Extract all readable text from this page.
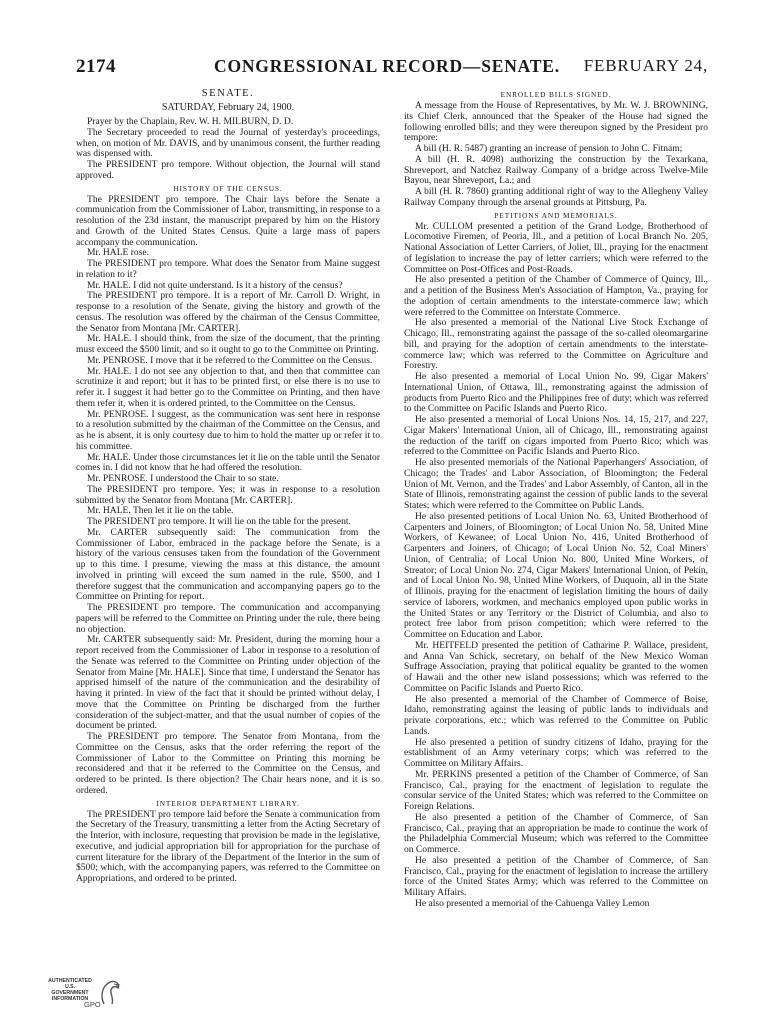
2174	CONGRESSIONAL RECORD—SENATE. FEBRUARY 24,
SENATE.
SATURDAY, February 24, 1900.

Prayer by the Chaplain, Rev. W. H. MILBURN, D. D.

The Secretary proceeded to read the Journal of yesterday's proceedings, when, on motion of Mr. DAVIS, and by unanimous consent, the further reading was dispensed with.

The PRESIDENT pro tempore. Without objection, the Journal will stand approved.

HISTORY OF THE CENSUS.

The PRESIDENT pro tempore. The Chair lays before the Senate a communication from the Commissioner of Labor, transmitting, in response to a resolution of the 23d instant, the manuscript prepared by him on the History and Growth of the United States Census. Quite a large mass of papers accompany the communication.

Mr. HALE rose.

The PRESIDENT pro tempore. What does the Senator from Maine suggest in relation to it?

Mr. HALE. I did not quite understand. Is it a history of the census?

The PRESIDENT pro tempore. It is a report of Mr. Carroll D. Wright, in response to a resolution of the Senate, giving the history and growth of the census. The resolution was offered by the chairman of the Census Committee, the Senator from Montana [Mr. CARTER].

Mr. HALE. I should think, from the size of the document, that the printing must exceed the $500 limit, and so it ought to go to the Committee on Printing.

Mr. PENROSE. I move that it be referred to the Committee on the Census.

Mr. HALE. I do not see any objection to that, and then that committee can scrutinize it and report; but it has to be printed first, or else there is no use to refer it. I suggest it had better go to the Committee on Printing, and then have them refer it, when it is ordered printed, to the Committee on the Census.

Mr. PENROSE. I suggest, as the communication was sent here in response to a resolution submitted by the chairman of the Committee on the Census, and as he is absent, it is only courtesy due to him to hold the matter up or refer it to his committee.

Mr. HALE. Under those circumstances let it lie on the table until the Senator comes in. I did not know that he had offered the resolution.

Mr. PENROSE. I understood the Chair to so state.

The PRESIDENT pro tempore. Yes; it was in response to a resolution submitted by the Senator from Montana [Mr. CARTER].

Mr. HALE. Then let it lie on the table.

The PRESIDENT pro tempore. It will lie on the table for the present.

Mr. CARTER subsequently said: The communication from the Commissioner of Labor, embraced in the package before the Senate, is a history of the various censuses taken from the foundation of the Government up to this time. I presume, viewing the mass at this distance, the amount involved in printing will exceed the sum named in the rule, $500, and I therefore suggest that the communication and accompanying papers go to the Committee on Printing for report.

The PRESIDENT pro tempore. The communication and accompanying papers will be referred to the Committee on Printing under the rule, there being no objection.

Mr. CARTER subsequently said: Mr. President, during the morning hour a report received from the Commissioner of Labor in response to a resolution of the Senate was referred to the Committee on Printing under objection of the Senator from Maine [Mr. HALE]. Since that time, I understand the Senator has apprised himself of the nature of the communication and the desirability of having it printed. In view of the fact that it should be printed without delay, I move that the Committee on Printing be discharged from the further consideration of the subject-matter, and that the usual number of copies of the document be printed.

The PRESIDENT pro tempore. The Senator from Montana, from the Committee on the Census, asks that the order referring the report of the Commissioner of Labor to the Committee on Printing this morning be reconsidered and that it be referred to the Committee on the Census, and ordered to be printed. Is there objection? The Chair hears none, and it is so ordered.

INTERIOR DEPARTMENT LIBRARY.

The PRESIDENT pro tempore laid before the Senate a communication from the Secretary of the Treasury, transmitting a letter from the Acting Secretary of the Interior, with inclosure, requesting that provision be made in the legislative, executive, and judicial appropriation bill for appropriation for the purchase of current literature for the library of the Department of the Interior in the sum of $500; which, with the accompanying papers, was referred to the Committee on Appropriations, and ordered to be printed.

ENROLLED BILLS SIGNED.

A message from the House of Representatives, by Mr. W. J. BROWNING, its Chief Clerk, announced that the Speaker of the House had signed the following enrolled bills; and they were thereupon signed by the President pro tempore:

A bill (H. R. 5487) granting an increase of pension to John C. Fitnam;

A bill (H. R. 4098) authorizing the construction by the Texarkana, Shreveport, and Natchez Railway Company of a bridge across Twelve-Mile Bayou, near Shreveport, La.; and

A bill (H. R. 7860) granting additional right of way to the Allegheny Valley Railway Company through the arsenal grounds at Pittsburg, Pa.

PETITIONS AND MEMORIALS.

Mr. CULLOM presented a petition of the Grand Lodge, Brotherhood of Locomotive Firemen, of Peoria, Ill., and a petition of Local Branch No. 205, National Association of Letter Carriers, of Joliet, Ill., praying for the enactment of legislation to increase the pay of letter carriers; which were referred to the Committee on Post-Offices and Post-Roads.

He also presented a petition of the Chamber of Commerce of Quincy, Ill., and a petition of the Business Men's Association of Hampton, Va., praying for the adoption of certain amendments to the interstate-commerce law; which were referred to the Committee on Interstate Commerce.

He also presented a memorial of the National Live Stock Exchange of Chicago, Ill., remonstrating against the passage of the so-called oleomargarine bill, and praying for the adoption of certain amendments to the interstate-commerce law; which was referred to the Committee on Agriculture and Forestry.

He also presented a memorial of Local Union No. 99, Cigar Makers' International Union, of Ottawa, Ill., remonstrating against the admission of products from Puerto Rico and the Philippines free of duty; which was referred to the Committee on Pacific Islands and Puerto Rico.

He also presented a memorial of Local Unions Nos. 14, 15, 217, and 227, Cigar Makers' International Union, all of Chicago, Ill., remonstrating against the reduction of the tariff on cigars imported from Puerto Rico; which was referred to the Committee on Pacific Islands and Puerto Rico.

He also presented memorials of the National Paperhangers' Association, of Chicago; the Trades' and Labor Association, of Bloomington; the Federal Union of Mt. Vernon, and the Trades' and Labor Assembly, of Canton, all in the State of Illinois, remonstrating against the cession of public lands to the several States; which were referred to the Committee on Public Lands.

He also presented petitions of Local Union No. 63, United Brotherhood of Carpenters and Joiners, of Bloomington; of Local Union No. 58, United Mine Workers, of Kewanee; of Local Union No. 416, United Brotherhood of Carpenters and Joiners, of Chicago; of Local Union No. 52, Coal Miners' Union, of Centralia; of Local Union No. 800, United Mine Workers, of Streator; of Local Union No. 274, Cigar Makers' International Union, of Pekin, and of Local Union No. 98, United Mine Workers, of Duquoin, all in the State of Illinois, praying for the enactment of legislation limiting the hours of daily service of laborers, workmen, and mechanics employed upon public works in the United States or any Territory or the District of Columbia, and also to protect free labor from prison competition; which were referred to the Committee on Education and Labor.

Mr. HEITFELD presented the petition of Catharine P. Wallace, president, and Anna Van Schick, secretary, on behalf of the New Mexico Woman Suffrage Association, praying that political equality be granted to the women of Hawaii and the other new island possessions; which was referred to the Committee on Pacific Islands and Puerto Rico.

He also presented a memorial of the Chamber of Commerce of Boise, Idaho, remonstrating against the leasing of public lands to individuals and private corporations, etc.; which was referred to the Committee on Public Lands.

He also presented a petition of sundry citizens of Idaho, praying for the establishment of an Army veterinary corps; which was referred to the Committee on Military Affairs.

Mr. PERKINS presented a petition of the Chamber of Commerce, of San Francisco, Cal., praying for the enactment of legislation to regulate the consular service of the United States; which was referred to the Committee on Foreign Relations.

He also presented a petition of the Chamber of Commerce, of San Francisco, Cal., praying that an appropriation be made to continue the work of the Philadelphia Commercial Museum; which was referred to the Committee on Commerce.

He also presented a petition of the Chamber of Commerce, of San Francisco, Cal., praying for the enactment of legislation to increase the artillery force of the United States Army; which was referred to the Committee on Military Affairs.

He also presented a memorial of the Cahuenga Valley Lemon

AUTHENTICATED
U.S. GOVERNMENT
INFORMATION
GPO
